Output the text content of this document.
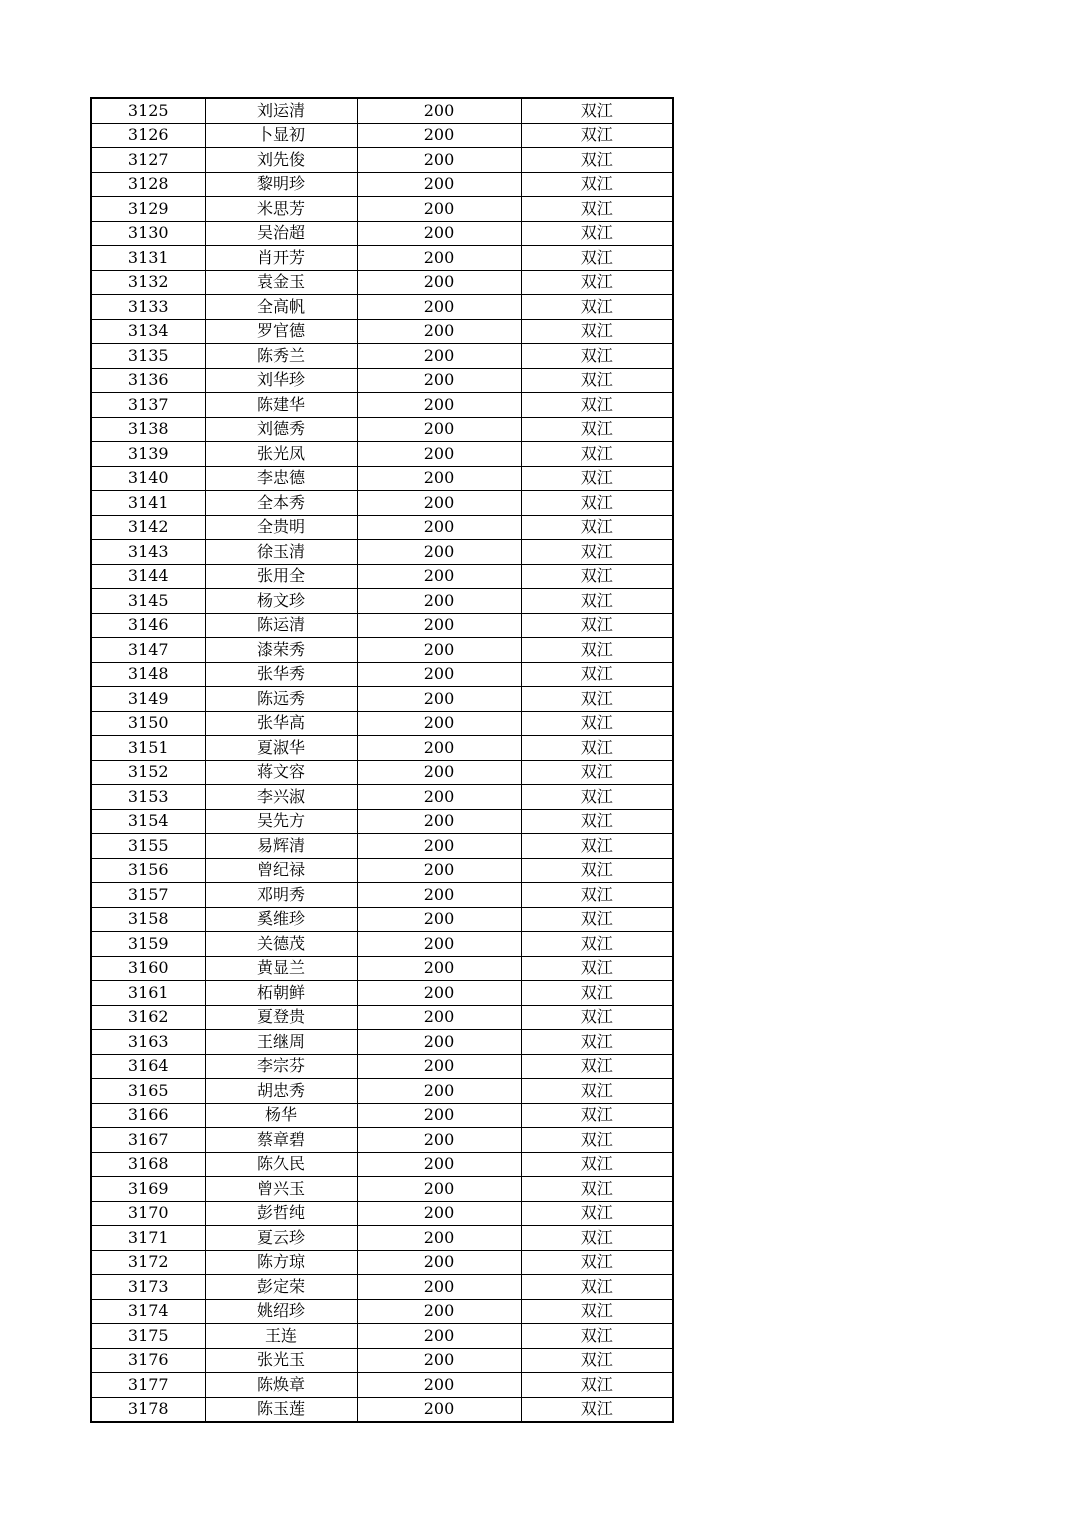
3125	刘运清	200	双江
3126	卜显初	200	双江
3127	刘先俊	200	双江
3128	黎明珍	200	双江
3129	米思芳	200	双江
3130	吴治超	200	双江
3131	肖开芳	200	双江
3132	袁金玉	200	双江
3133	全高帆	200	双江
3134	罗官德	200	双江
3135	陈秀兰	200	双江
3136	刘华珍	200	双江
3137	陈建华	200	双江
3138	刘德秀	200	双江
3139	张光凤	200	双江
3140	李忠德	200	双江
3141	全本秀	200	双江
3142	全贵明	200	双江
3143	徐玉清	200	双江
3144	张用全	200	双江
3145	杨文珍	200	双江
3146	陈运清	200	双江
3147	漆荣秀	200	双江
3148	张华秀	200	双江
3149	陈远秀	200	双江
3150	张华高	200	双江
3151	夏淑华	200	双江
3152	蒋文容	200	双江
3153	李兴淑	200	双江
3154	吴先方	200	双江
3155	易辉清	200	双江
3156	曾纪禄	200	双江
3157	邓明秀	200	双江
3158	奚维珍	200	双江
3159	关德茂	200	双江
3160	黄显兰	200	双江
3161	柘朝鲜	200	双江
3162	夏登贵	200	双江
3163	王继周	200	双江
3164	李宗芬	200	双江
3165	胡忠秀	200	双江
3166	杨华	200	双江
3167	蔡章碧	200	双江
3168	陈久民	200	双江
3169	曾兴玉	200	双江
3170	彭哲纯	200	双江
3171	夏云珍	200	双江
3172	陈方琼	200	双江
3173	彭定荣	200	双江
3174	姚绍珍	200	双江
3175	王连	200	双江
3176	张光玉	200	双江
3177	陈焕章	200	双江
3178	陈玉莲	200	双江
